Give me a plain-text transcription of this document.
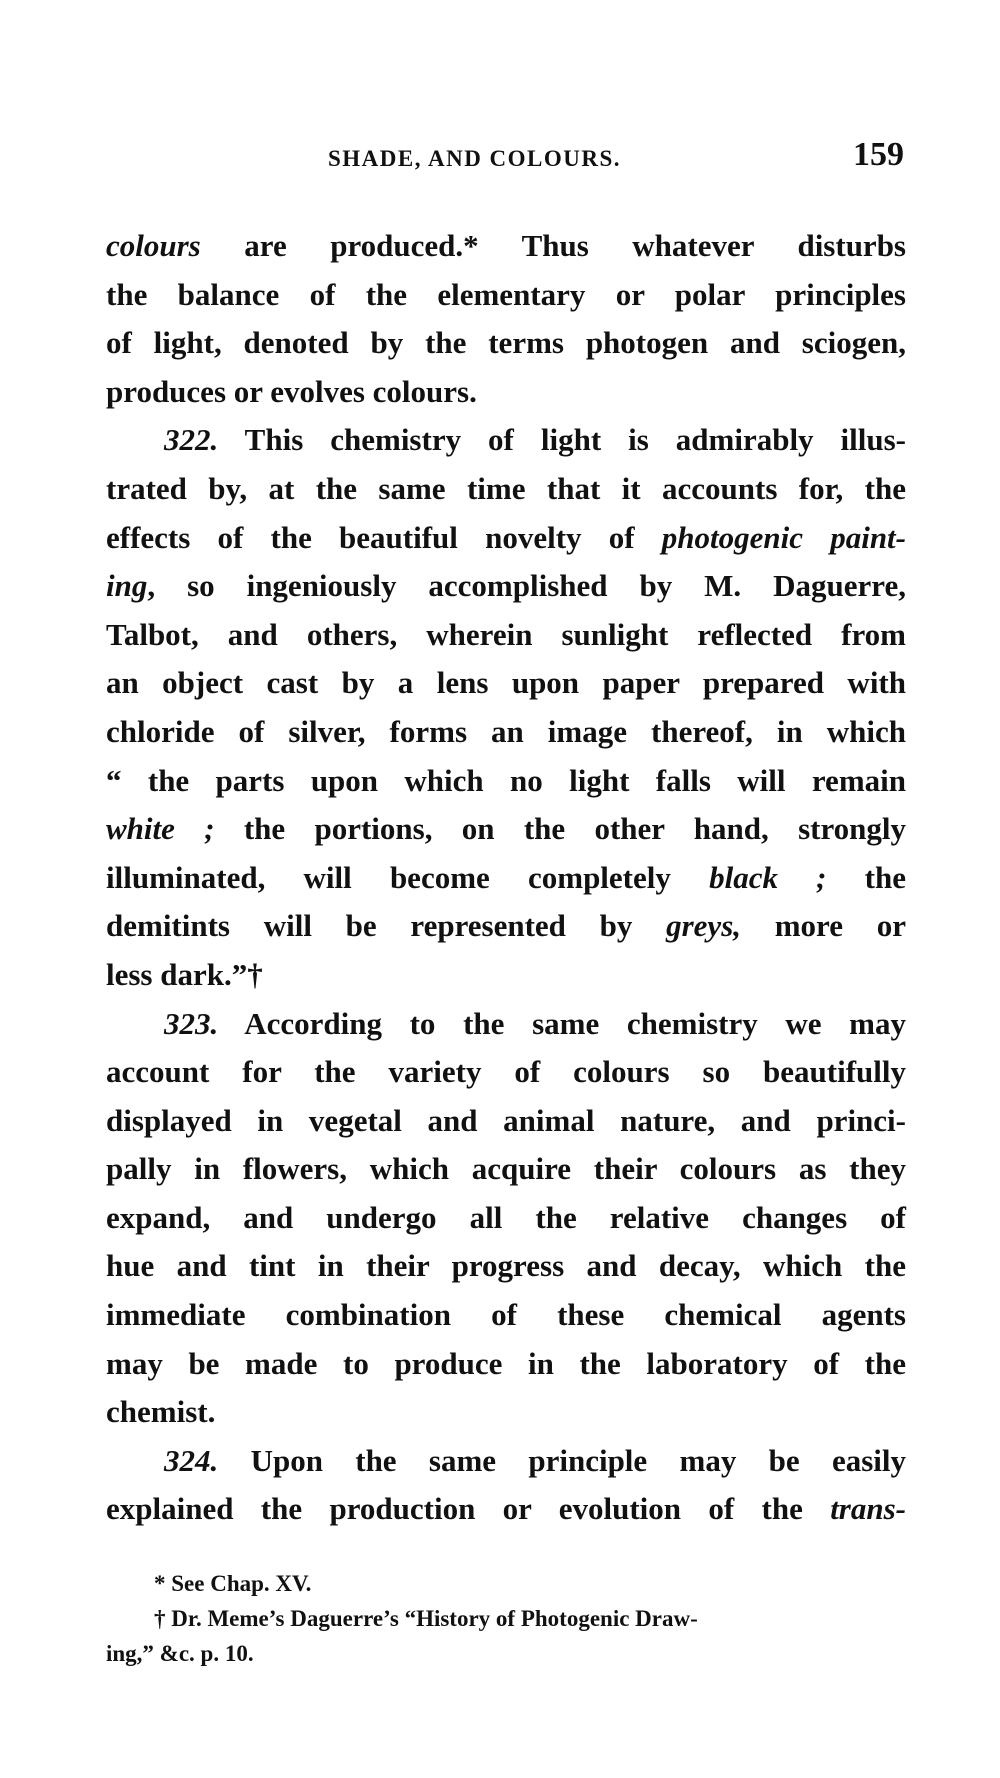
SHADE, AND COLOURS.	159

colours are produced.* Thus whatever disturbs

the balance of the elementary or polar principles

of light, denoted by the terms photogen and sciogen,

produces or evolves colours.

322. This chemistry of light is admirably illus-

trated by, at the same time that it accounts for, the

effects of the beautiful novelty of photogenic paint-

ing, so ingeniously accomplished by M. Daguerre,

Talbot, and others, wherein sunlight reflected from

an object cast by a lens upon paper prepared with

chloride of silver, forms an image thereof, in which

“ the parts upon which no light falls will remain

white ; the portions, on the other hand, strongly

illuminated, will become completely black ; the

demitints will be represented by greys, more or

less dark.”†

323. According to the same chemistry we may

account for the variety of colours so beautifully

displayed in vegetal and animal nature, and princi-

pally in flowers, which acquire their colours as they

expand, and undergo all the relative changes of

hue and tint in their progress and decay, which the

immediate combination of these chemical agents

may be made to produce in the laboratory of the

chemist.

324. Upon the same principle may be easily

explained the production or evolution of the trans-

* See Chap. XV.

† Dr. Meme’s Daguerre’s “History of Photogenic Draw-

ing,” &c. p. 10.
